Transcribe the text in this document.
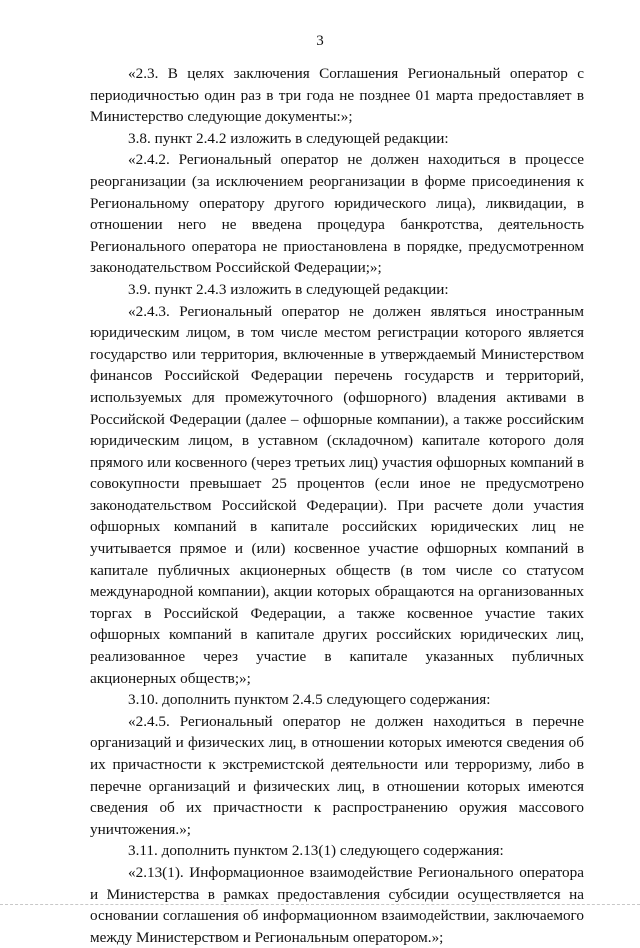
3

«2.3. В целях заключения Соглашения Региональный оператор с периодичностью один раз в три года не позднее 01 марта предоставляет в Министерство следующие документы:»;

3.8. пункт 2.4.2 изложить в следующей редакции:

«2.4.2. Региональный оператор не должен находиться в процессе реорганизации (за исключением реорганизации в форме присоединения к Региональному оператору другого юридического лица), ликвидации, в отношении него не введена процедура банкротства, деятельность Регионального оператора не приостановлена в порядке, предусмотренном законодательством Российской Федерации;»;

3.9. пункт 2.4.3 изложить в следующей редакции:

«2.4.3. Региональный оператор не должен являться иностранным юридическим лицом, в том числе местом регистрации которого является государство или территория, включенные в утверждаемый Министерством финансов Российской Федерации перечень государств и территорий, используемых для промежуточного (офшорного) владения активами в Российской Федерации (далее – офшорные компании), а также российским юридическим лицом, в уставном (складочном) капитале которого доля прямого или косвенного (через третьих лиц) участия офшорных компаний в совокупности превышает 25 процентов (если иное не предусмотрено законодательством Российской Федерации). При расчете доли участия офшорных компаний в капитале российских юридических лиц не учитывается прямое и (или) косвенное участие офшорных компаний в капитале публичных акционерных обществ (в том числе со статусом международной компании), акции которых обращаются на организованных торгах в Российской Федерации, а также косвенное участие таких офшорных компаний в капитале других российских юридических лиц, реализованное через участие в капитале указанных публичных акционерных обществ;»;

3.10. дополнить пунктом 2.4.5 следующего содержания:

«2.4.5. Региональный оператор не должен находиться в перечне организаций и физических лиц, в отношении которых имеются сведения об их причастности к экстремистской деятельности или терроризму, либо в перечне организаций и физических лиц, в отношении которых имеются сведения об их причастности к распространению оружия массового уничтожения.»;

3.11. дополнить пунктом 2.13(1) следующего содержания:

«2.13(1). Информационное взаимодействие Регионального оператора и Министерства в рамках предоставления субсидии осуществляется на основании соглашения об информационном взаимодействии, заключаемого между Министерством и Региональным оператором.»;
